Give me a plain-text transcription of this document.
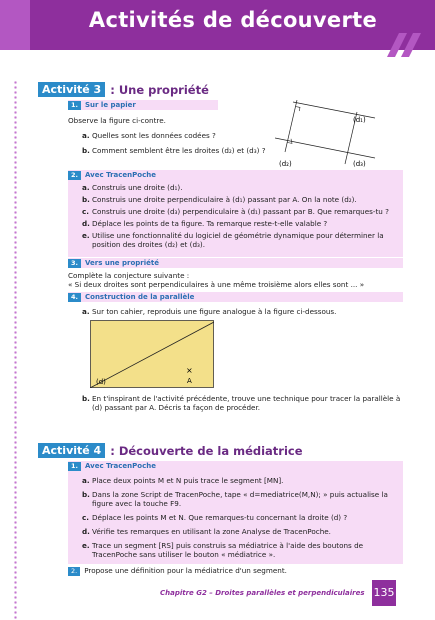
Activités de découverte
Activité 3 : Une propriété
1.	Sur le papier
Observe la figure ci-contre.
a. Quelles sont les données codées ?
b. Comment semblent être les droites (d₂) et (d₃) ?
(d₁)
(d₂)	(d₃)
2.	Avec TracenPoche
a. Construis une droite (d₁).
b. Construis une droite perpendiculaire à (d₁) passant par A. On la note (d₂).
c. Construis une droite (d₃) perpendiculaire à (d₁) passant par B. Que remarques-tu ?
d. Déplace les points de ta figure. Ta remarque reste-t-elle valable ?
e. Utilise une fonctionnalité du logiciel de géométrie dynamique pour déterminer la position des droites (d₂) et (d₃).
3.	Vers une propriété
Complète la conjecture suivante :
« Si deux droites sont perpendiculaires à une même troisième alors elles sont ... »
4.	Construction de la parallèle
a. Sur ton cahier, reproduis une figure analogue à la figure ci-dessous.
(d)
×
A
b. En t'inspirant de l'activité précédente, trouve une technique pour tracer la parallèle à (d) passant par A. Décris ta façon de procéder.
Activité 4 : Découverte de la médiatrice
1.	Avec TracenPoche
a. Place deux points M et N puis trace le segment [MN].
b. Dans la zone Script de TracenPoche, tape « d=mediatrice(M,N); » puis actualise la figure avec la touche F9.
c. Déplace les points M et N. Que remarques-tu concernant la droite (d) ?
d. Vérifie tes remarques en utilisant la zone Analyse de TracenPoche.
e. Trace un segment [RS] puis construis sa médiatrice à l'aide des boutons de TracenPoche sans utiliser le bouton « médiatrice ».
2. Propose une définition pour la médiatrice d'un segment.
Chapitre G2 – Droites parallèles et perpendiculaires 135
